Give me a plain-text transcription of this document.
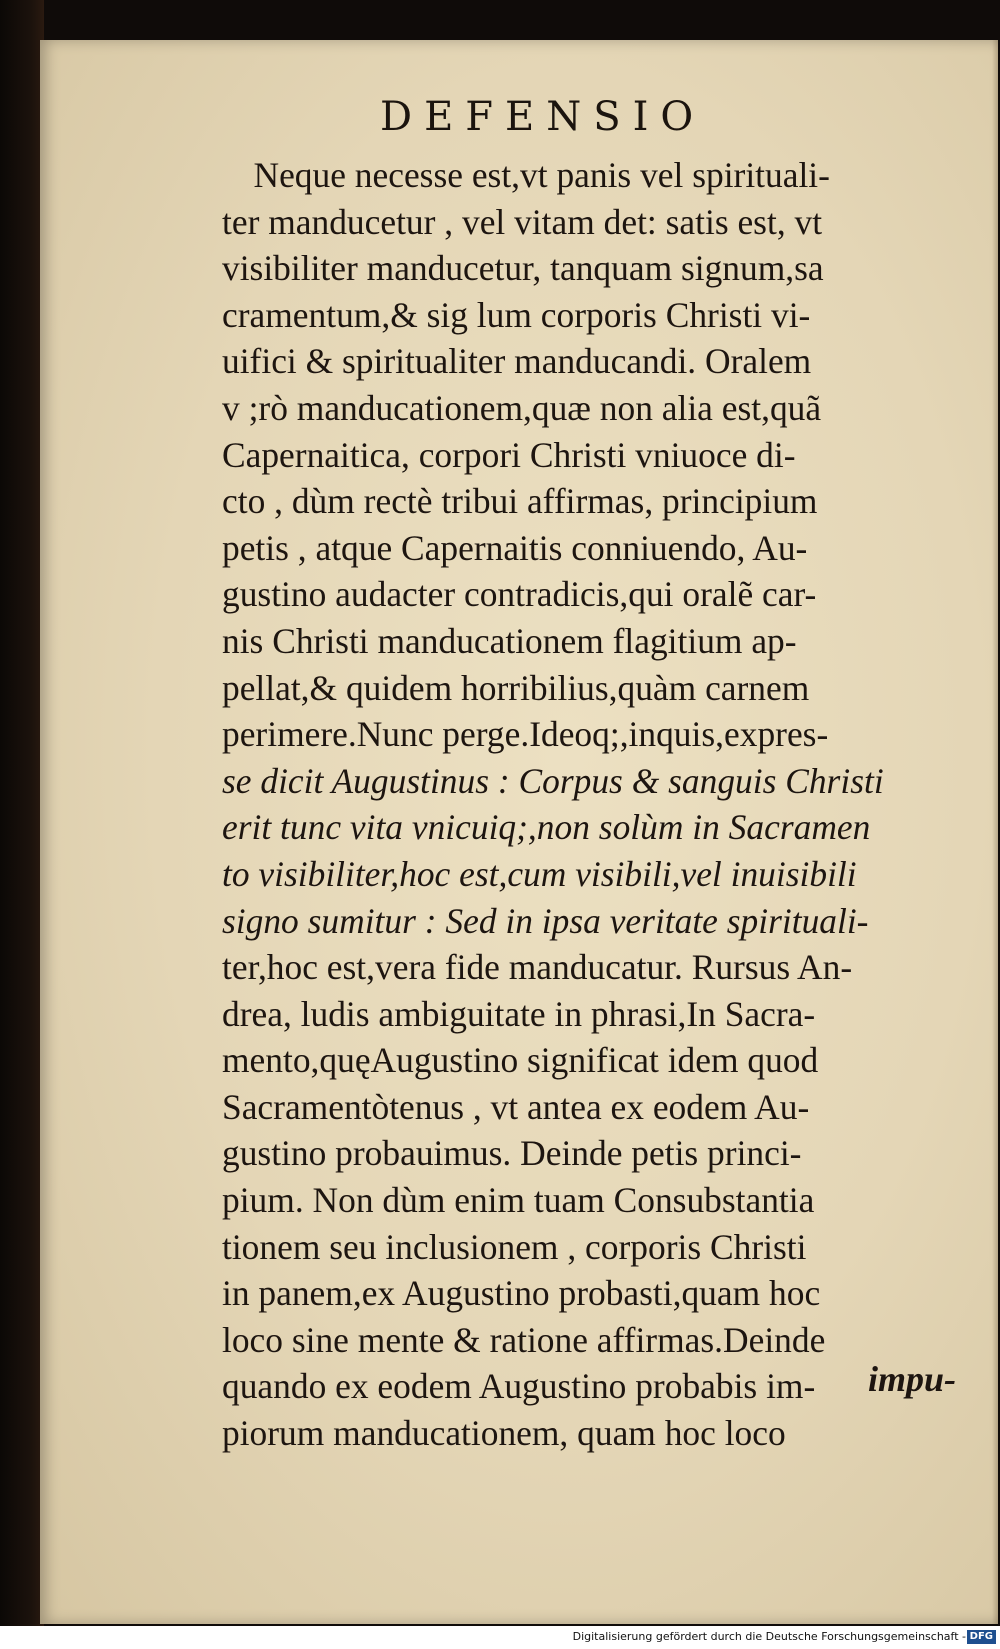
DEFENSIO
Neque necesse est,vt panis vel spirituali-
ter manducetur , vel vitam det: satis est, vt
visibiliter manducetur, tanquam signum,sa
cramentum,& sig lum corporis Christi vi-
uifici & spiritualiter manducandi. Oralem
v ;rò manducationem,quæ non alia est,quã
Capernaitica, corpori Christi vniuoce di-
cto , dùm rectè tribui affirmas, principium
petis , atque Capernaitis conniuendo, Au-
gustino audacter contradicis,qui oralẽ car-
nis Christi manducationem flagitium ap-
pellat,& quidem horribilius,quàm carnem
perimere.Nunc perge.Ideoq;,inquis,expres-
se dicit Augustinus : Corpus & sanguis Christi
erit tunc vita vnicuiq;,non solùm in Sacramen
to visibiliter,hoc est,cum visibili,vel inuisibili
signo sumitur : Sed in ipsa veritate spirituali-
ter,hoc est,vera fide manducatur. Rursus An-
drea, ludis ambiguitate in phrasi,In Sacra-
mento,quęAugustino significat idem quod
Sacramentòtenus , vt antea ex eodem Au-
gustino probauimus. Deinde petis princi-
pium. Non dùm enim tuam Consubstantia
tionem seu inclusionem , corporis Christi
in panem,ex Augustino probasti,quam hoc
loco sine mente & ratione affirmas.Deinde
quando ex eodem Augustino probabis im-
piorum manducationem, quam hoc loco
impu-
Digitalisierung gefördert durch die Deutsche Forschungsgemeinschaft - DFG
